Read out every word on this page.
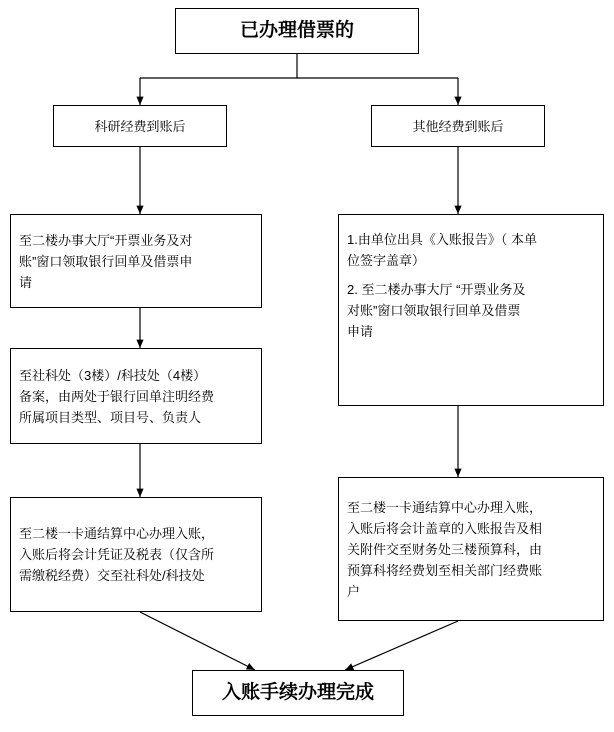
已办理借票的
科研经费到账后	其他经费到账后
至二楼办事大厅“开票业务及对
账”窗口领取银行回单及借票申
请
至社科处（3楼）/科技处（4楼）
备案，由两处于银行回单注明经费
所属项目类型、项目号、负责人
至二楼一卡通结算中心办理入账，
入账后将会计凭证及税表（仅含所
需缴税经费）交至社科处/科技处
1.由单位出具《入账报告》（ 本单
位签字盖章）
2. 至二楼办事大厅 “开票业务及
对账”窗口领取银行回单及借票
申请
至二楼一卡通结算中心办理入账，
入账后将会计盖章的入账报告及相
关附件交至财务处三楼预算科，由
预算科将经费划至相关部门经费账
户
入账手续办理完成
